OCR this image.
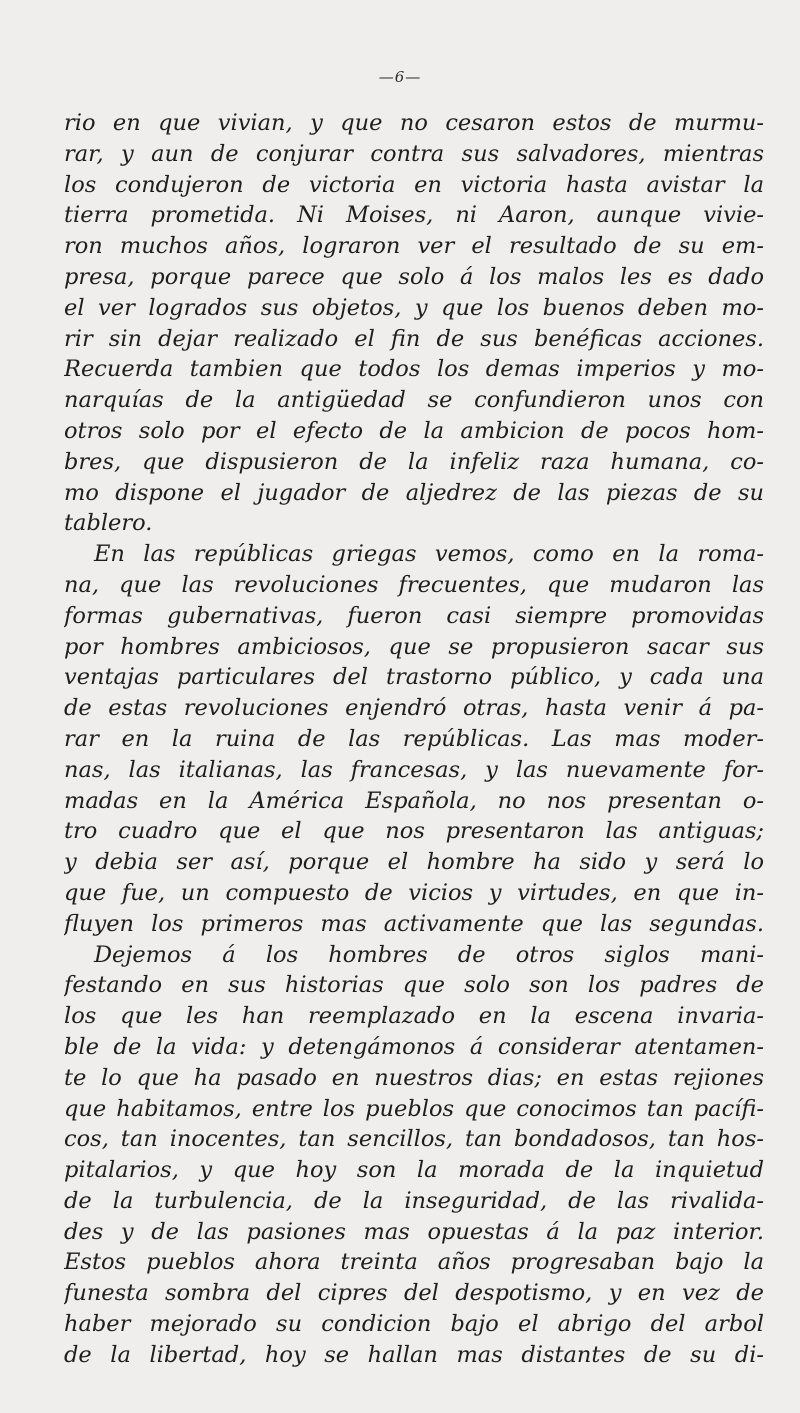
—6—
rio en que vivian, y que no cesaron estos de murmu-
rar, y aun de conjurar contra sus salvadores, mientras
los condujeron de victoria en victoria hasta avistar la
tierra prometida. Ni Moises, ni Aaron, aunque vivie-
ron muchos años, lograron ver el resultado de su em-
presa, porque parece que solo á los malos les es dado
el ver logrados sus objetos, y que los buenos deben mo-
rir sin dejar realizado el fin de sus benéficas acciones.
Recuerda tambien que todos los demas imperios y mo-
narquías de la antigüedad se confundieron unos con
otros solo por el efecto de la ambicion de pocos hom-
bres, que dispusieron de la infeliz raza humana, co-
mo dispone el jugador de aljedrez de las piezas de su
tablero.
En las repúblicas griegas vemos, como en la roma-
na, que las revoluciones frecuentes, que mudaron las
formas gubernativas, fueron casi siempre promovidas
por hombres ambiciosos, que se propusieron sacar sus
ventajas particulares del trastorno público, y cada una
de estas revoluciones enjendró otras, hasta venir á pa-
rar en la ruina de las repúblicas. Las mas moder-
nas, las italianas, las francesas, y las nuevamente for-
madas en la América Española, no nos presentan o-
tro cuadro que el que nos presentaron las antiguas;
y debia ser así, porque el hombre ha sido y será lo
que fue, un compuesto de vicios y virtudes, en que in-
fluyen los primeros mas activamente que las segundas.
Dejemos á los hombres de otros siglos mani-
festando en sus historias que solo son los padres de
los que les han reemplazado en la escena invaria-
ble de la vida: y detengámonos á considerar atentamen-
te lo que ha pasado en nuestros dias; en estas rejiones
que habitamos, entre los pueblos que conocimos tan pacífi-
cos, tan inocentes, tan sencillos, tan bondadosos, tan hos-
pitalarios, y que hoy son la morada de la inquietud
de la turbulencia, de la inseguridad, de las rivalida-
des y de las pasiones mas opuestas á la paz interior.
Estos pueblos ahora treinta años progresaban bajo la
funesta sombra del cipres del despotismo, y en vez de
haber mejorado su condicion bajo el abrigo del arbol
de la libertad, hoy se hallan mas distantes de su di-
